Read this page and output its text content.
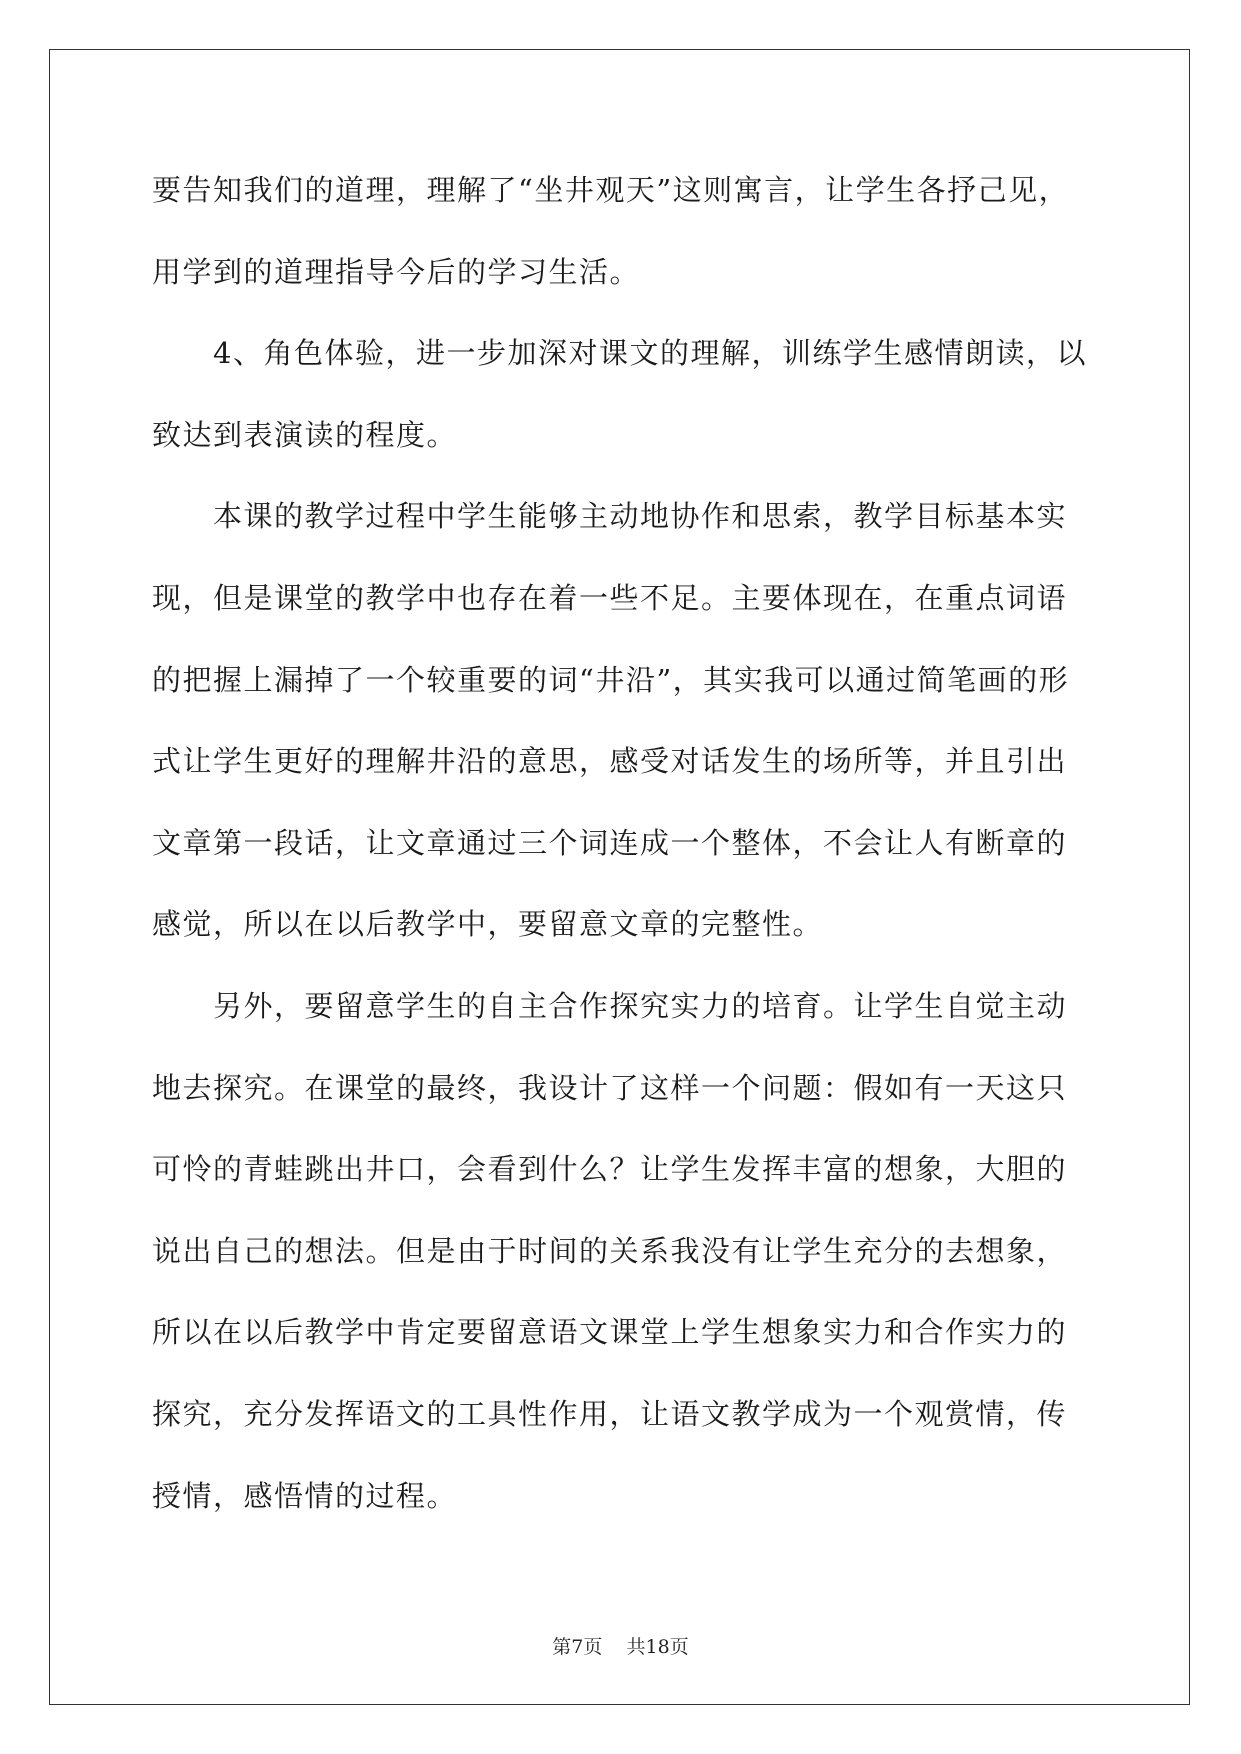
要告知我们的道理，理解了“坐井观天”这则寓言，让学生各抒己见，
用学到的道理指导今后的学习生活。
　　4、角色体验，进一步加深对课文的理解，训练学生感情朗读，以
致达到表演读的程度。
　　本课的教学过程中学生能够主动地协作和思索，教学目标基本实
现，但是课堂的教学中也存在着一些不足。主要体现在，在重点词语
的把握上漏掉了一个较重要的词“井沿”，其实我可以通过简笔画的形
式让学生更好的理解井沿的意思，感受对话发生的场所等，并且引出
文章第一段话，让文章通过三个词连成一个整体，不会让人有断章的
感觉，所以在以后教学中，要留意文章的完整性。
　　另外，要留意学生的自主合作探究实力的培育。让学生自觉主动
地去探究。在课堂的最终，我设计了这样一个问题：假如有一天这只
可怜的青蛙跳出井口，会看到什么？让学生发挥丰富的想象，大胆的
说出自己的想法。但是由于时间的关系我没有让学生充分的去想象，
所以在以后教学中肯定要留意语文课堂上学生想象实力和合作实力的
探究，充分发挥语文的工具性作用，让语文教学成为一个观赏情，传
授情，感悟情的过程。
第7页 共18页
